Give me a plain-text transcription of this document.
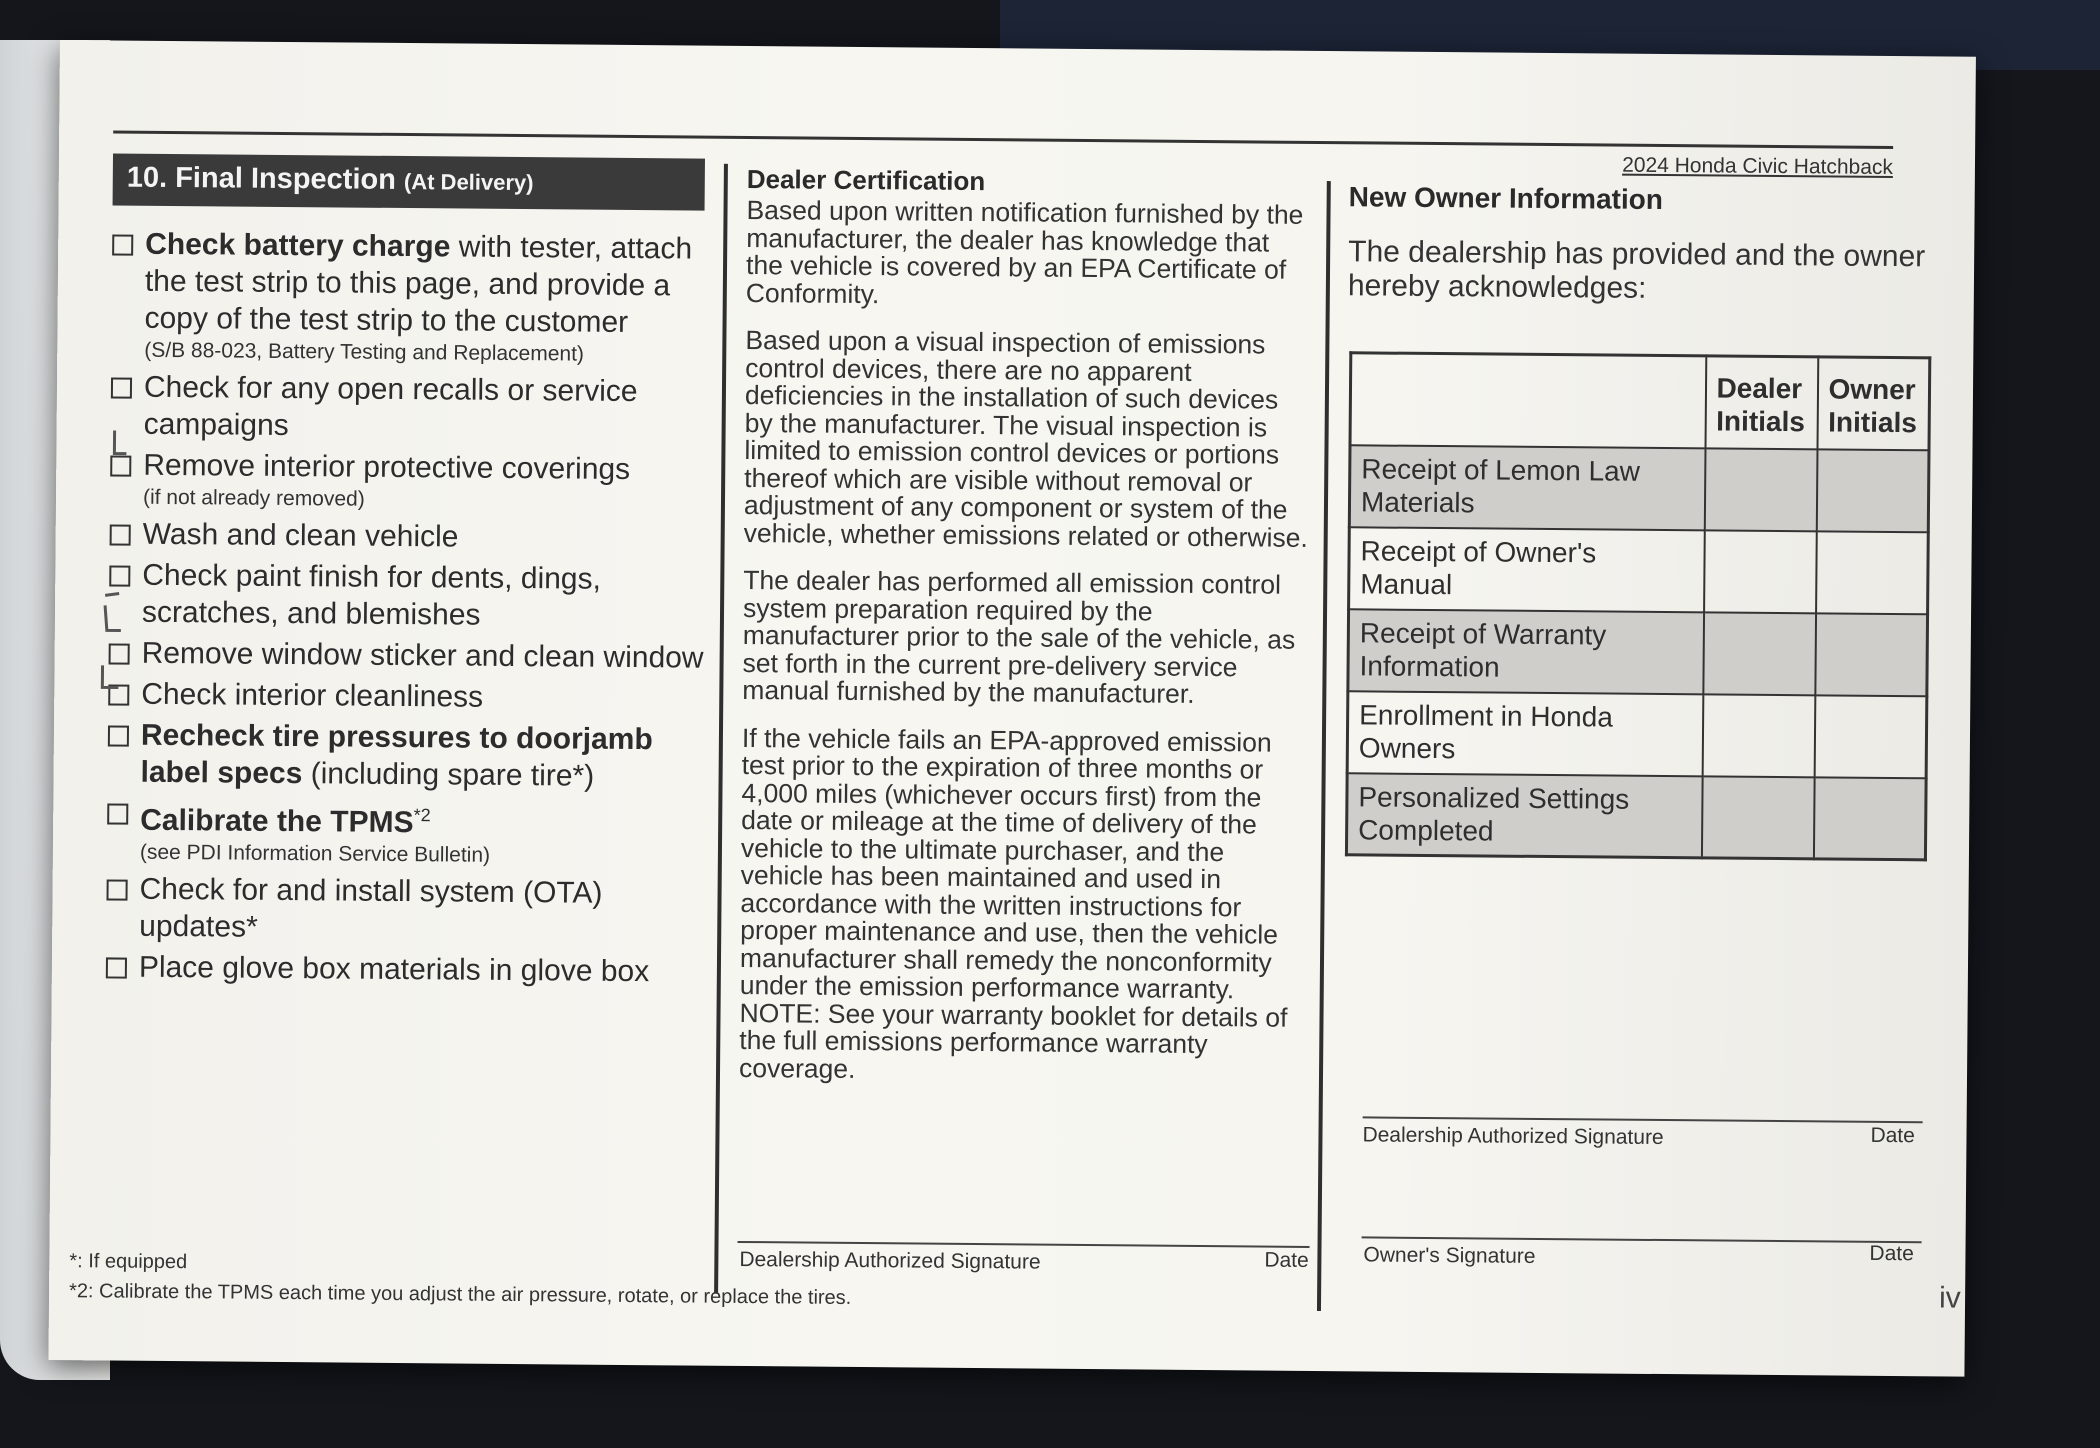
2024 Honda Civic Hatchback
10. Final Inspection (At Delivery)
Check battery charge with tester, attach the test strip to this page, and provide a copy of the test strip to the customer
(S/B 88-023, Battery Testing and Replacement)
Check for any open recalls or service campaigns
Remove interior protective coverings
(if not already removed)
Wash and clean vehicle
Check paint finish for dents, dings, scratches, and blemishes
Remove window sticker and clean window
Check interior cleanliness
Recheck tire pressures to doorjamb label specs (including spare tire*)
Calibrate the TPMS$^{*2}$
(see PDI Information Service Bulletin)
Check for and install system (OTA) updates*
Place glove box materials in glove box
Dealer Certification

Based upon written notification furnished by the manufacturer, the dealer has knowledge that the vehicle is covered by an EPA Certificate of Conformity.

Based upon a visual inspection of emissions control devices, there are no apparent deficiencies in the installation of such devices by the manufacturer. The visual inspection is limited to emission control devices or portions thereof which are visible without removal or adjustment of any component or system of the vehicle, whether emissions related or otherwise.

The dealer has performed all emission control system preparation required by the manufacturer prior to the sale of the vehicle, as set forth in the current pre-delivery service manual furnished by the manufacturer.

If the vehicle fails an EPA-approved emission test prior to the expiration of three months or 4,000 miles (whichever occurs first) from the date or mileage at the time of delivery of the vehicle to the ultimate purchaser, and the vehicle has been maintained and used in accordance with the written instructions for proper maintenance and use, then the vehicle manufacturer shall remedy the nonconformity under the emission performance warranty. NOTE: See your warranty booklet for details of the full emissions performance warranty coverage.

Dealership Authorized Signature	Date
New Owner Information

The dealership has provided and the owner hereby acknowledges:

	Dealer Initials	Owner Initials
Receipt of Lemon Law Materials		
Receipt of Owner's Manual		
Receipt of Warranty Information		
Enrollment in Honda Owners		
Personalized Settings Completed		
Dealership Authorized Signature	Date
Owner's Signature	Date
*: If equipped
*2: Calibrate the TPMS each time you adjust the air pressure, rotate, or replace the tires.	iv
